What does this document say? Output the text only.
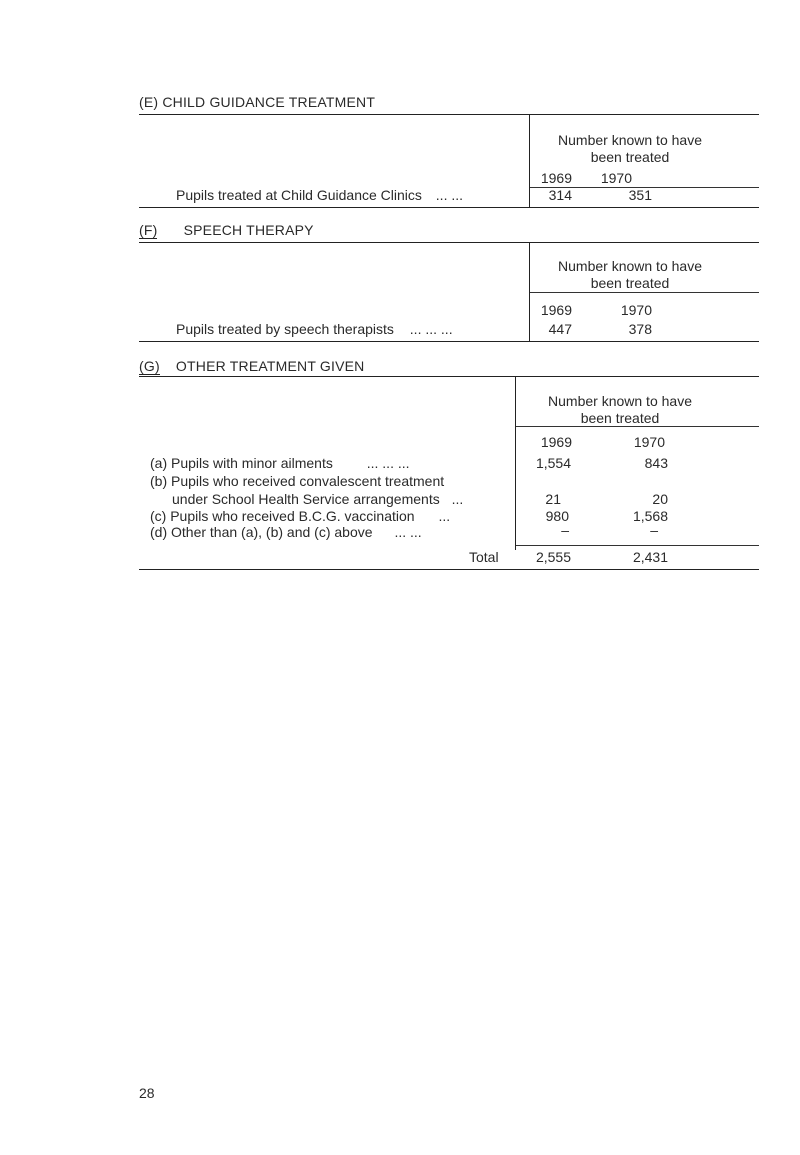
(E) CHILD GUIDANCE TREATMENT
Number known to have
been treated
1969	1970
Pupils treated at Child Guidance Clinics ... ...	314	351
(F) SPEECH THERAPY
Number known to have
been treated
1969	1970
Pupils treated by speech therapists ... ... ...	447	378
(G) OTHER TREATMENT GIVEN
Number known to have
been treated
1969	1970
(a) Pupils with minor ailments ... ... ...	1,554	843
(b) Pupils who received convalescent treatment
under School Health Service arrangements ...	21	20
(c) Pupils who received B.C.G. vaccination ...	980	1,568
(d) Other than (a), (b) and (c) above ... ...	–	–
Total	2,555	2,431
28
